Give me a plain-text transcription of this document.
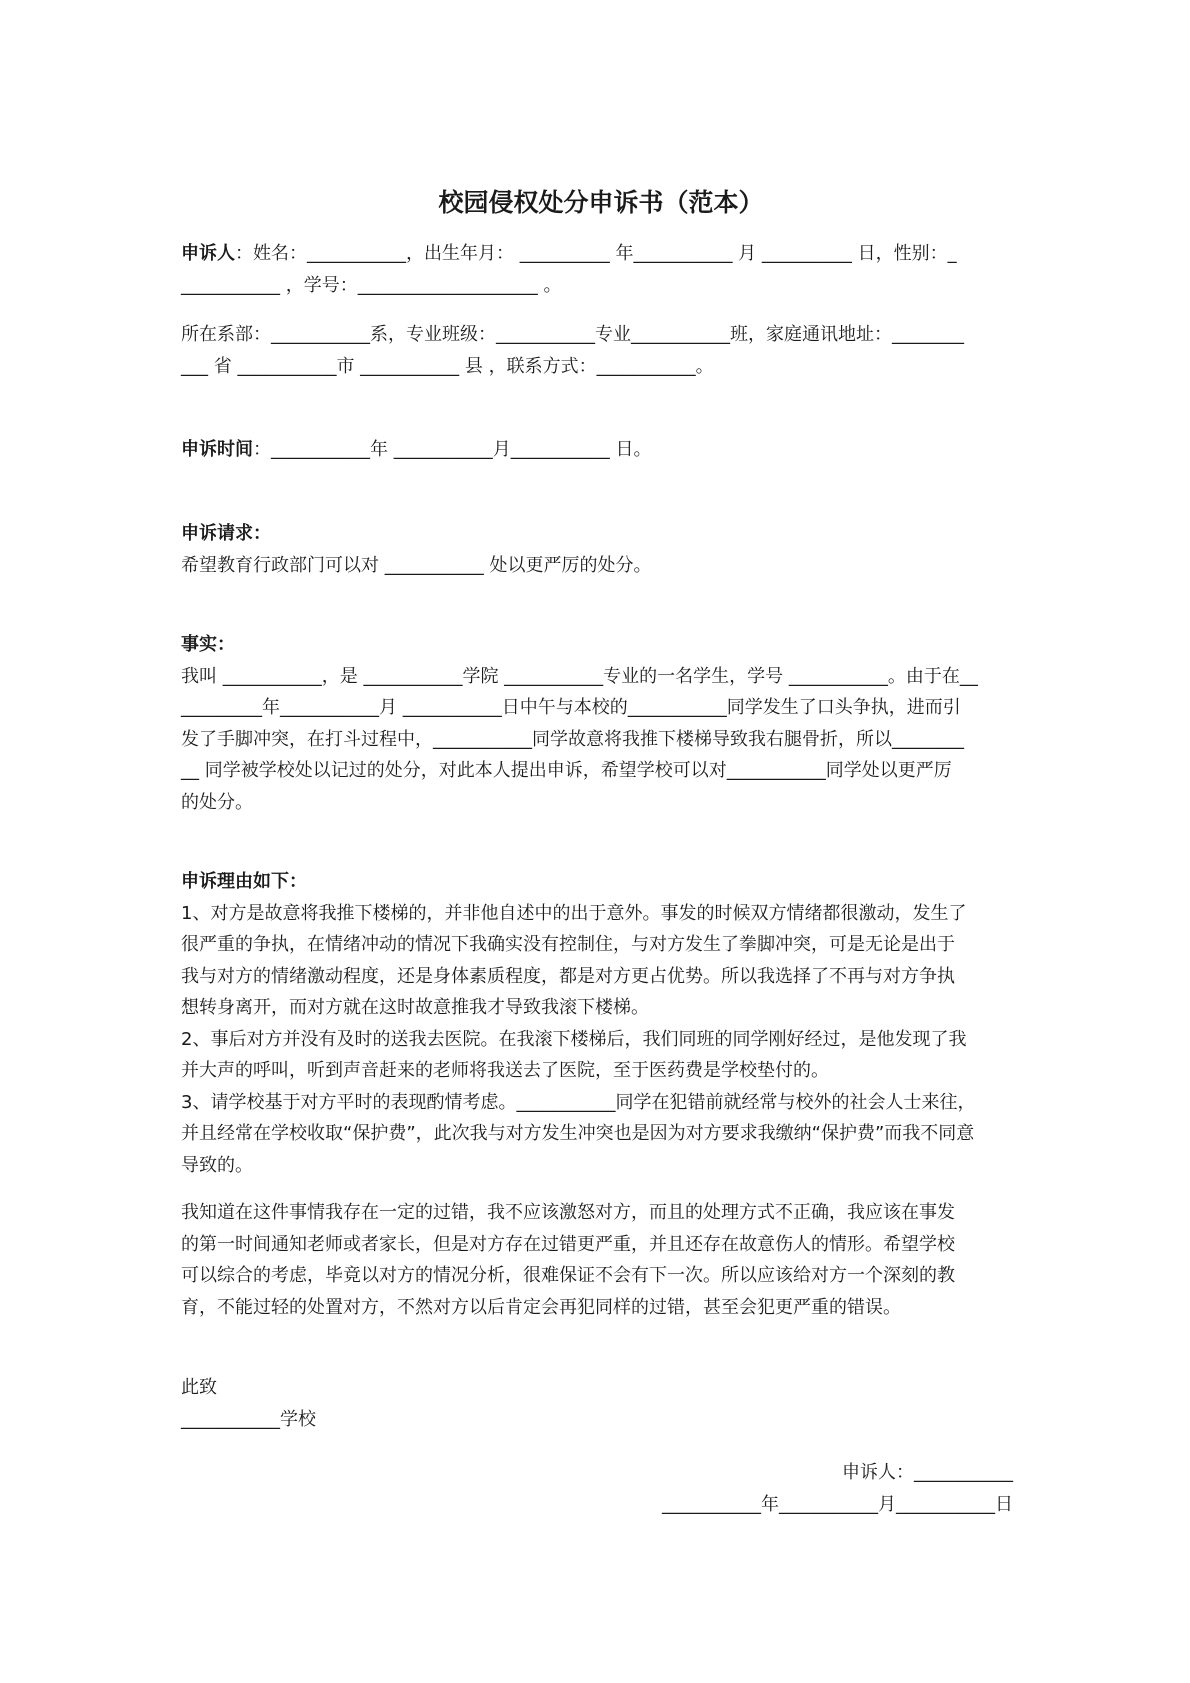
校园侵权处分申诉书（范本）
申诉人：姓名：___________，出生年月： __________ 年___________ 月 __________ 日，性别：_
___________ ，学号：____________________ 。
所在系部：___________系，专业班级：___________专业___________班，家庭通讯地址：________
___ 省 ___________市 ___________ 县 ，联系方式：___________。
申诉时间：___________年 ___________月___________ 日。
申诉请求：
希望教育行政部门可以对 ___________ 处以更严厉的处分。
事实：
我叫 ___________，是 ___________学院 ___________专业的一名学生，学号 ___________。由于在__
_________年___________月 ___________日中午与本校的___________同学发生了口头争执，进而引
发了手脚冲突，在打斗过程中，___________同学故意将我推下楼梯导致我右腿骨折，所以________
__ 同学被学校处以记过的处分，对此本人提出申诉，希望学校可以对___________同学处以更严厉
的处分。
申诉理由如下：
1、对方是故意将我推下楼梯的，并非他自述中的出于意外。事发的时候双方情绪都很激动，发生了
很严重的争执，在情绪冲动的情况下我确实没有控制住，与对方发生了拳脚冲突，可是无论是出于
我与对方的情绪激动程度，还是身体素质程度，都是对方更占优势。所以我选择了不再与对方争执
想转身离开，而对方就在这时故意推我才导致我滚下楼梯。
2、事后对方并没有及时的送我去医院。在我滚下楼梯后，我们同班的同学刚好经过，是他发现了我
并大声的呼叫，听到声音赶来的老师将我送去了医院，至于医药费是学校垫付的。
3、请学校基于对方平时的表现酌情考虑。___________同学在犯错前就经常与校外的社会人士来往，
并且经常在学校收取“保护费”，此次我与对方发生冲突也是因为对方要求我缴纳“保护费”而我不同意
导致的。
我知道在这件事情我存在一定的过错，我不应该激怒对方，而且的处理方式不正确，我应该在事发
的第一时间通知老师或者家长，但是对方存在过错更严重，并且还存在故意伤人的情形。希望学校
可以综合的考虑，毕竟以对方的情况分析，很难保证不会有下一次。所以应该给对方一个深刻的教
育，不能过轻的处置对方，不然对方以后肯定会再犯同样的过错，甚至会犯更严重的错误。
此致
___________学校
申诉人：___________
___________年___________月___________日
